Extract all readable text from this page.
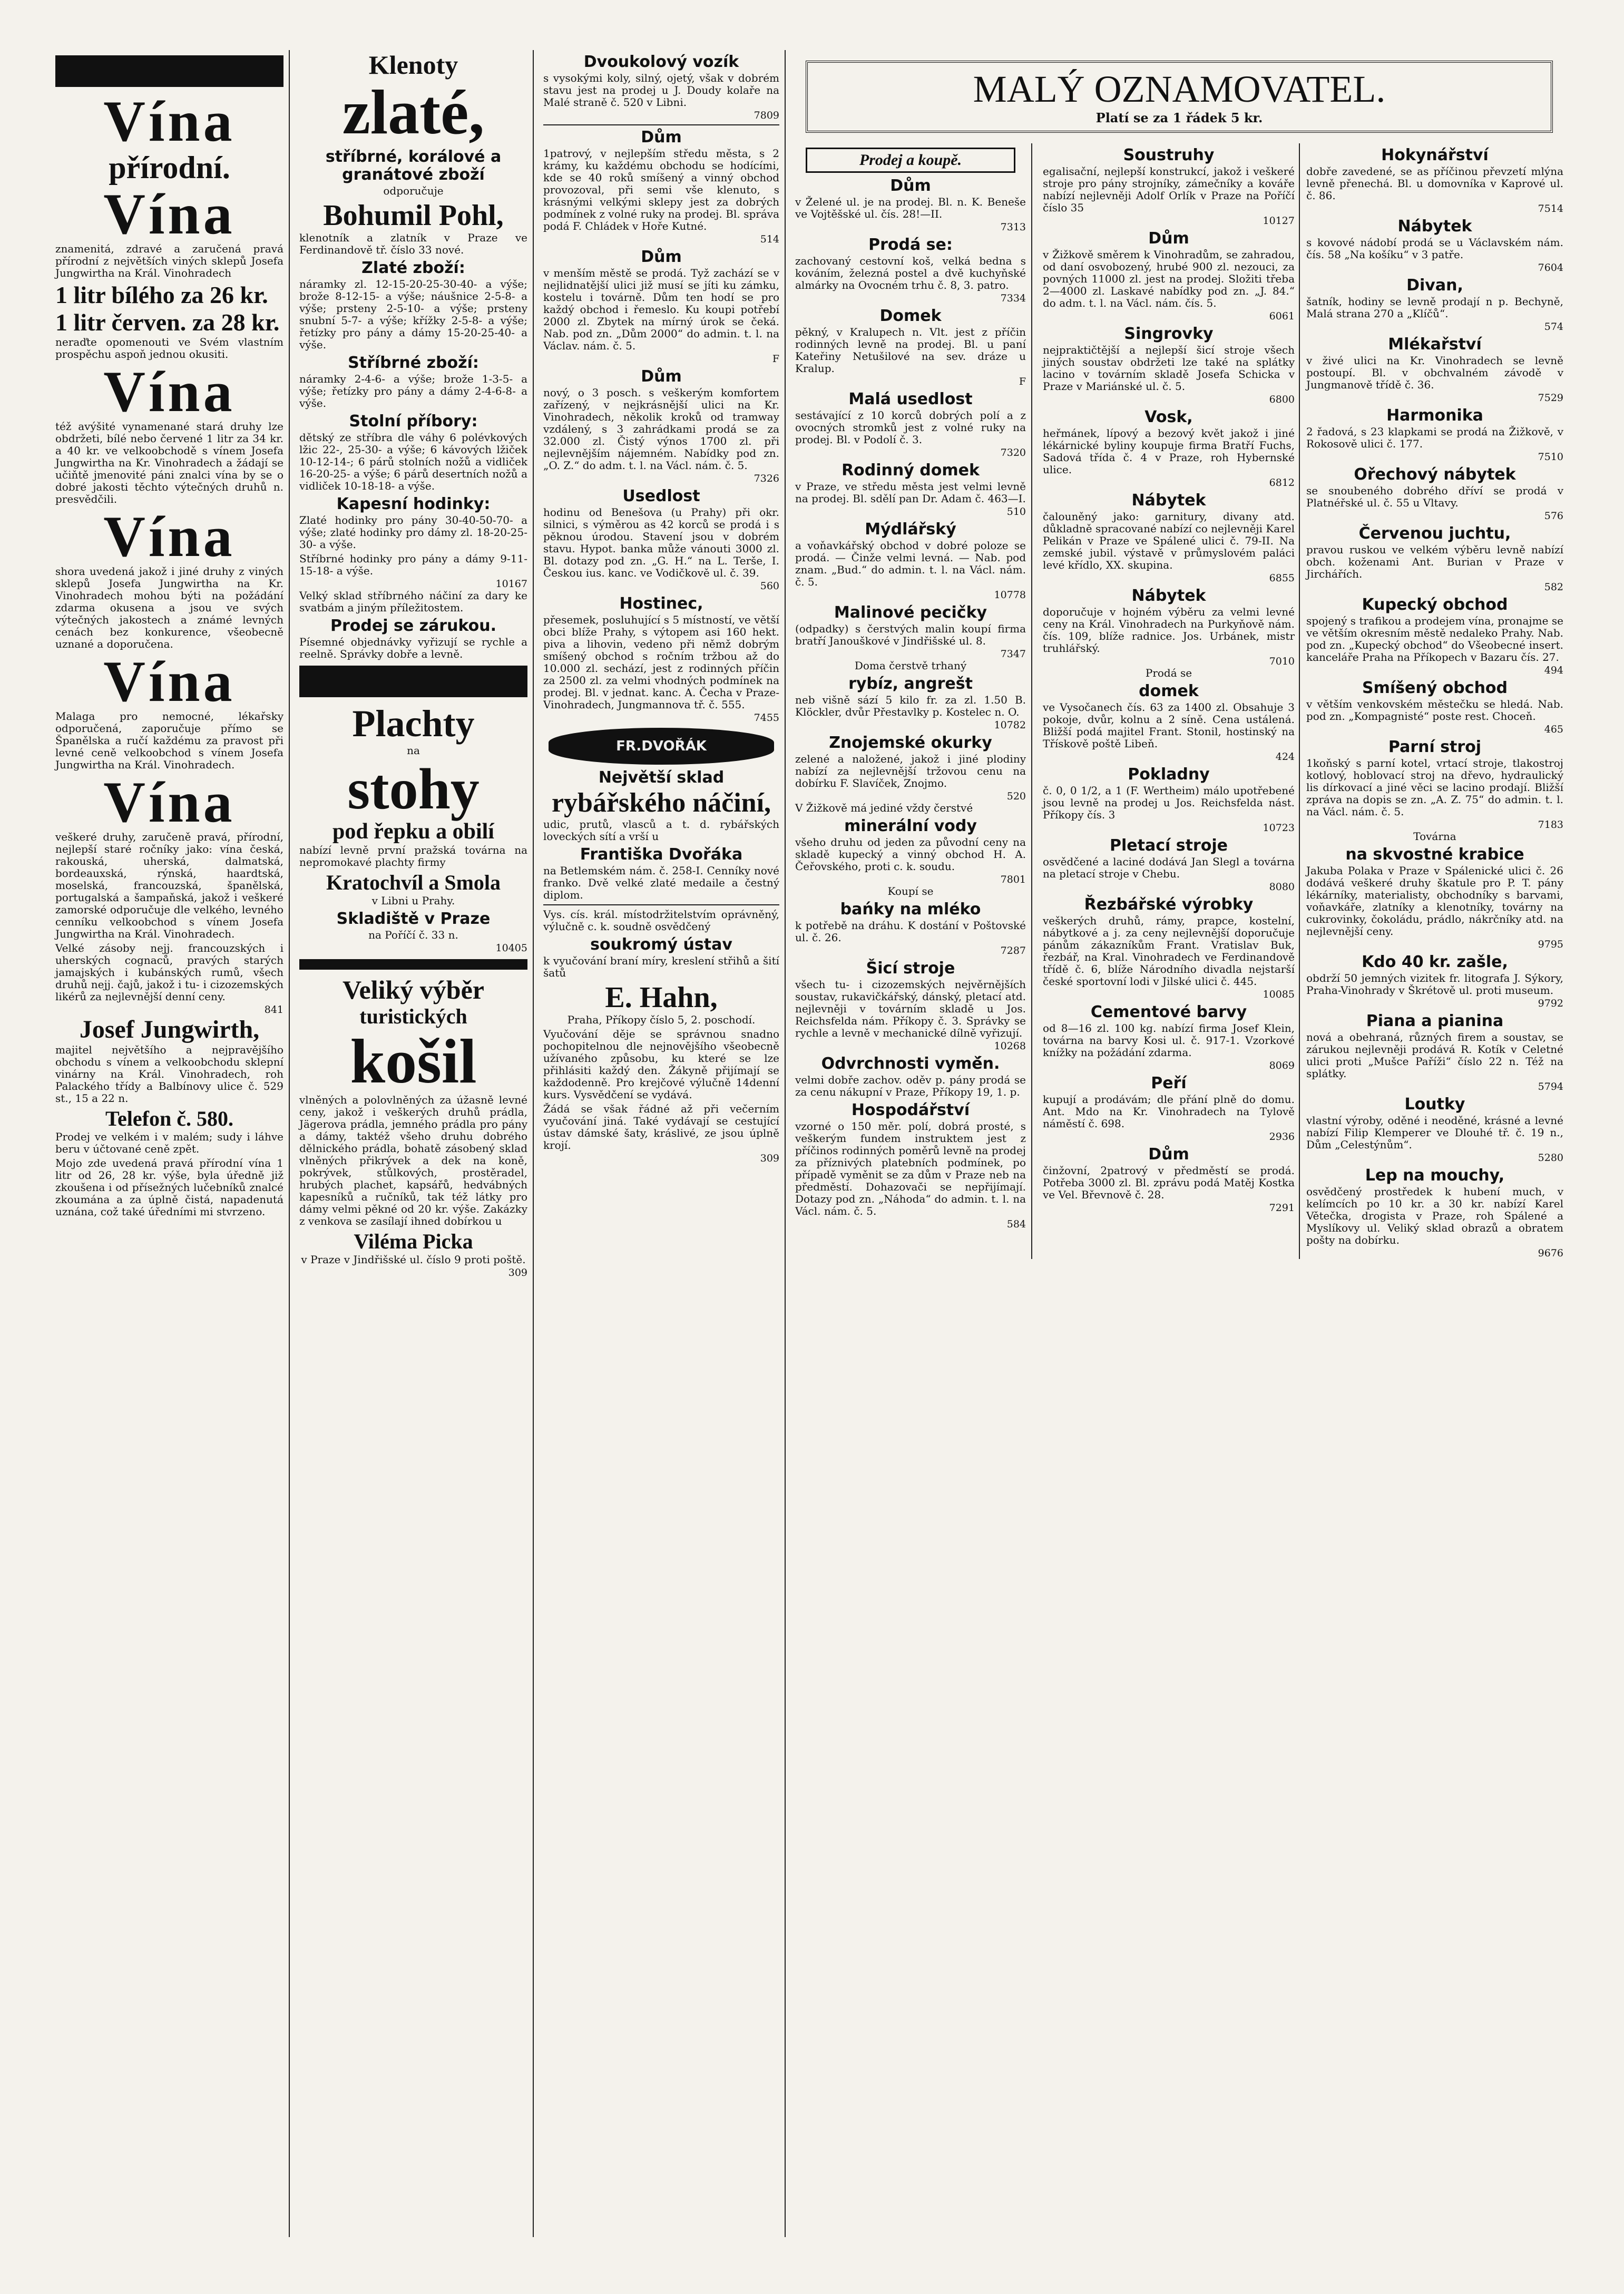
Vína
přírodní.
Vína

znamenitá, zdravé a zaručená pravá přírodní z největších viných sklepů Josefa Jungwirtha na Král. Vinohradech

1 litr bílého za 26 kr.
1 litr červen. za 28 kr.

neraďte opomenouti ve Svém vlastním prospěchu aspoň jednou okusiti.

Vína

též avýšité vynamenané stará druhy lze obdržeti, bílé nebo červené 1 litr za 34 kr. a 40 kr. ve velkoobchodě s vínem Josefa Jungwirtha na Kr. Vinohradech a žádají se učiňtě jmenovité páni znalci vína by se o dobré jakosti těchto výtečných druhů n. presvědčili.

Vína

shora uvedená jakož i jiné druhy z viných sklepů Josefa Jungwirtha na Kr. Vinohradech mohou býti na požádání zdarma okusena a jsou ve svých výtečných jakostech a známé levných cenách bez konkurence, všeobecně uznané a doporučena.

Vína

Malaga pro nemocné, lékařsky odporučená, zaporučuje přímo se Španělska a ručí každému za pravost při levné ceně velkoobchod s vínem Josefa Jungwirtha na Král. Vinohradech.

Vína

veškeré druhy, zaručeně pravá, přírodní, nejlepší staré ročníky jako: vína česká, rakouská, uherská, dalmatská, bordeauxská, rýnská, haardtská, moselská, francouzská, španělská, portugalská a šampaňská, jakož i veškeré zamorské odporučuje dle velkého, levného cenníku velkoobchod s vínem Josefa Jungwirtha na Král. Vinohradech.

Velké zásoby nejj. francouzských i uherských cognaců, pravých starých jamajských i kubánských rumů, všech druhů nejj. čajů, jakož i tu- i cizozemských likérů za nejlevnější denní ceny.

841
Josef Jungwirth,

majitel největšího a nejpravějšího obchodu s vínem a velkoobchodu sklepní vinárny na Král. Vinohradech, roh Palackého třídy a Balbínovy ulice č. 529 st., 15 a 22 n.

Telefon č. 580.

Prodej ve velkém i v malém; sudy i láhve beru v účtované ceně zpět.

Mojo zde uvedená pravá přírodní vína 1 litr od 26, 28 kr. výše, byla úředně již zkoušena i od přísežných lučebníků znalcé zkoumána a za úplně čistá, napadenutá uznána, což také úředními mi stvrzeno.

Klenoty
zlaté,
stříbrné, korálové a granátové zboží
odporučuje
Bohumil Pohl,

klenotník a zlatník v Praze ve Ferdinandově tř. číslo 33 nové.

Zlaté zboží:

náramky zl. 12-15-20-25-30-40- a výše; brože 8-12-15- a výše; náušnice 2-5-8- a výše; prsteny 2-5-10- a výše; prsteny snubní 5-7- a výše; křížky 2-5-8- a výše; řetízky pro pány a dámy 15-20-25-40- a výše.

Stříbrné zboží:

náramky 2-4-6- a výše; brože 1-3-5- a výše; řetízky pro pány a dámy 2-4-6-8- a výše.

Stolní příbory:

dětský ze stříbra dle váhy 6 polévkových lžic 22-, 25-30- a výše; 6 kávových lžiček 10-12-14-; 6 párů stolních nožů a vidliček 16-20-25- a výše; 6 párů desertních nožů a vidliček 10-18-18- a výše.

Kapesní hodinky:

Zlaté hodinky pro pány 30-40-50-70- a výše; zlaté hodinky pro dámy zl. 18-20-25-30- a výše.

Stříbrné hodinky pro pány a dámy 9-11-15-18- a výše.

10167

Velký sklad stříbrného náčiní za dary ke svatbám a jiným příležitostem.

Prodej se zárukou.

Písemné objednávky vyřizují se rychle a reelně. Správky dobře a levně.

Plachty
na
stohy
pod řepku a obilí

nabízí levně první pražská továrna na nepromokavé plachty firmy

Kratochvíl a Smola

v Libni u Prahy.

Skladiště v Praze

na Poříčí č. 33 n.

10405
Veliký výběr
turistických
košil

vlněných a polovlněných za úžasně levné ceny, jakož i veškerých druhů prádla, Jägerova prádla, jemného prádla pro pány a dámy, taktéž všeho druhu dobrého dělnického prádla, bohatě zásobený sklad vlněných přikrývek a dek na koně, pokrývek, stůlkových, prostěradel, hrubých plachet, kapsářů, hedvábných kapesníků a ručníků, tak též látky pro dámy velmi pěkné od 20 kr. výše. Zakázky z venkova se zasílají ihned dobírkou u

Viléma Picka

v Praze v Jindřišské ul. číslo 9 proti poště.

309
Dvoukolový vozík

s vysokými koly, silný, ojetý, však v dobrém stavu jest na prodej u J. Doudy kolaře na Malé straně č. 520 v Libni.

7809
Dům

1patrový, v nejlepším středu města, s 2 krámy, ku každému obchodu se hodícími, kde se 40 roků smíšený a vinný obchod provozoval, při semi vše klenuto, s krásnými velkými sklepy jest za dobrých podmínek z volné ruky na prodej. Bl. správa podá F. Chládek v Hoře Kutné.

514
Dům

v menším městě se prodá. Tyž zachází se v nejlidnatější ulici již musí se jíti ku zámku, kostelu i továrně. Dům ten hodí se pro každý obchod i řemeslo. Ku koupi potřebí 2000 zl. Zbytek na mírný úrok se čeká. Nab. pod zn. „Dům 2000“ do admin. t. l. na Václav. nám. č. 5.

F
Dům

nový, o 3 posch. s veškerým komfortem zařízený, v nejkrásnější ulici na Kr. Vinohradech, několik kroků od tramway vzdálený, s 3 zahrádkami prodá se za 32.000 zl. Čistý výnos 1700 zl. při nejlevnějším nájemném. Nabídky pod zn. „O. Z.“ do adm. t. l. na Václ. nám. č. 5.

7326
Usedlost

hodinu od Benešova (u Prahy) při okr. silnici, s výměrou as 42 korců se prodá i s pěknou úrodou. Stavení jsou v dobrém stavu. Hypot. banka může vánouti 3000 zl. Bl. dotazy pod zn. „G. H.“ na L. Terše, I. Českou ius. kanc. ve Vodičkově ul. č. 39.

560
Hostinec,

přesemek, posluhující s 5 místností, ve větší obci blíže Prahy, s výtopem asi 160 hekt. piva a lihovin, vedeno při němž dobrým smíšený obchod s ročním tržbou až do 10.000 zl. sechází, jest z rodinných příčin za 2500 zl. za velmi vhodných podmínek na prodej. Bl. v jednat. kanc. A. Čecha v Praze-Vinohradech, Jungmannova tř. č. 555.

7455
FR.DVOŘÁK
Největší sklad
rybářského náčiní,

udic, prutů, vlasců a t. d. rybářských loveckých sítí a vrší u

Františka Dvořáka

na Betlemském nám. č. 258-I. Cenníky nové franko. Dvě velké zlaté medaile a čestný diplom.

Vys. cís. král. místodržitelstvím oprávněný, výlučně c. k. soudně osvědčený

soukromý ústav

k vyučování braní míry, kreslení střihů a šití šatů

E. Hahn,

Praha, Příkopy číslo 5, 2. poschodí.

Vyučování děje se správnou snadno pochopitelnou dle nejnovějšího všeobecně užívaného způsobu, ku které se lze přihlásiti každý den. Žákyně přijímají se každodenně. Pro krejčové výlučně 14denní kurs. Vysvědčení se vydává.

Žádá se však řádné až při večerním vyučování jiná. Také vydávají se cestující ústav dámské šaty, kráslivé, ze jsou úplně krojí.

309
MALÝ OZNAMOVATEL.
Platí se za 1 řádek 5 kr.
Prodej a koupě.
Dům

v Želené ul. je na prodej. Bl. n. K. Beneše ve Vojtěšské ul. čís. 28!—II.

7313
Prodá se:

zachovaný cestovní koš, velká bedna s kováním, železná postel a dvě kuchyňské almárky na Ovocném trhu č. 8, 3. patro.

7334
Domek

pěkný, v Kralupech n. Vlt. jest z příčin rodinných levně na prodej. Bl. u paní Kateřiny Netušilové na sev. dráze u Kralup.

F
Malá usedlost

sestávající z 10 korců dobrých polí a z ovocných stromků jest z volné ruky na prodej. Bl. v Podolí č. 3.

7320
Rodinný domek

v Praze, ve středu města jest velmi levně na prodej. Bl. sdělí pan Dr. Adam č. 463—I.

510
Mýdlářský

a voňavkářský obchod v dobré poloze se prodá. — Činže velmi levná. — Nab. pod znam. „Bud.“ do admin. t. l. na Václ. nám. č. 5.

10778
Malinové pecičky

(odpadky) s čerstvých malin koupí firma bratří Janouškové v Jindřišské ul. 8.

7347
Doma čerstvě trhaný
rybíz, angrešt

neb višně sází 5 kilo fr. za zl. 1.50 B. Klöckler, dvůr Přestavlky p. Kostelec n. O.

10782
Znojemské okurky

zelené a naložené, jakož i jiné plodiny nabízí za nejlevnější tržovou cenu na dobírku F. Slavíček, Znojmo.

520

V Žižkově má jediné vždy čerstvé

minerální vody

všeho druhu od jeden za původní ceny na skladě kupecký a vinný obchod H. A. Čeřovského, proti c. k. soudu.

7801
Koupí se
bańky na mléko

k potřebě na dráhu. K dostání v Poštovské ul. č. 26.

7287
Šicí stroje

všech tu- i cizozemských nejvěrnějších soustav, rukavičkářský, dánský, pletací atd. nejlevněji v továrním skladě u Jos. Reichsfelda nám. Příkopy č. 3. Správky se rychle a levně v mechanické dílně vyřizují.

10268
Odvrchnosti vymě́n.

velmi dobře zachov. oděv p. pány prodá se za cenu nákupní v Praze, Příkopy 19, 1. p.

Hospodářství

vzorné o 150 měr. polí, dobrá prosté, s veškerým fundem instruktem jest z příčinos rodinných poměrů levně na prodej za příznivých platebních podmínek, po případě vyměnit se za dům v Praze neb na předměstí. Dohazovači se nepřijímají. Dotazy pod zn. „Náhoda“ do admin. t. l. na Václ. nám. č. 5.

584
Soustruhy

egalisační, nejlepší konstrukcí, jakož i veškeré stroje pro pány strojníky, zámečníky a kováře nabízí nejlevněji Adolf Orlík v Praze na Poříčí číslo 35

10127
Dům

v Žižkově směrem k Vinohradům, se zahradou, od daní osvobozený, hrubé 900 zl. nezouci, za povných 11000 zl. jest na prodej. Složiti třeba 2—4000 zl. Laskavé nabídky pod zn. „J. 84.“ do adm. t. l. na Václ. nám. čís. 5.

6061
Singrovky

nejpraktičtější a nejlepší šicí stroje všech jiných soustav obdržeti lze také na splátky lacino v továrním skladě Josefa Schicka v Praze v Mariánské ul. č. 5.

6800
Vosk,

heřmánek, lípový a bezový květ jakož i jiné lékárnické byliny koupuje firma Bratří Fuchs, Sadová třída č. 4 v Praze, roh Hybernské ulice.

6812
Nábytek

čalouněný jako: garnitury, divany atd. důkladně spracované nabízí co nejlevněji Karel Pelikán v Praze ve Spálené ulici č. 79-II. Na zemské jubil. výstavě v průmyslovém paláci levé křídlo, XX. skupina.

6855
Nábytek

doporučuje v hojném výběru za velmi levné ceny na Král. Vinohradech na Purkyňově nám. čís. 109, blíže radnice. Jos. Urbánek, mistr truhlářský.

7010
Prodá se
domek

ve Vysočanech čís. 63 za 1400 zl. Obsahuje 3 pokoje, dvůr, kolnu a 2 síně. Cena ustálená. Bližší podá majitel Frant. Stonil, hostinský na Třískově poště Libeň.

424
Pokladny

č. 0, 0 1/2, a 1 (F. Wertheim) málo upotřebené jsou levně na prodej u Jos. Reichsfelda nást. Příkopy čís. 3

10723
Pletací stroje

osvědčené a laciné dodává Jan Slegl a továrna na pletací stroje v Chebu.

8080
Řezbářské výrobky

veškerých druhů, rámy, prapce, kostelní, nábytkové a j. za ceny nejlevnější doporučuje pánům zákazníkům Frant. Vratislav Buk, řezbář, na Kral. Vinohradech ve Ferdinandově třídě č. 6, blíže Národního divadla nejstarší české sportovní lodi v Jilské ulici č. 445.

10085
Cementové barvy

od 8—16 zl. 100 kg. nabízí firma Josef Klein, továrna na barvy Kosi ul. č. 917-1. Vzorkové knížky na požádání zdarma.

8069
Peří

kupují a prodávám; dle přání plně do domu. Ant. Mdo na Kr. Vinohradech na Tylově náměstí č. 698.

2936
Dům

činžovní, 2patrový v předměstí se prodá. Potřeba 3000 zl. Bl. zprávu podá Matěj Kostka ve Vel. Břevnově č. 28.

7291
Hokynářství

dobře zavedené, se as příčinou převzetí mlýna levně přenechá. Bl. u domovníka v Kaprové ul. č. 86.

7514
Nábytek

s kovové nádobí prodá se u Václavském nám. čís. 58 „Na košíku“ v 3 patře.

7604
Divan,

šatník, hodiny se levně prodají n p. Bechyně, Malá strana 270 a „Klíčů“.

574
Mlékařství

v živé ulici na Kr. Vinohradech se levně postoupí. Bl. v obchvalném závodě v Jungmanově třídě č. 36.

7529
Harmonika

2 řadová, s 23 klapkami se prodá na Žižkově, v Rokosově ulici č. 177.

7510
Ořechový nábytek

se snoubeného dobrého dříví se prodá v Platnéřské ul. č. 55 u Vltavy.

576
Červenou juchtu,

pravou ruskou ve velkém výběru levně nabízí obch. koženami Ant. Burian v Praze v Jirchářích.

582
Kupecký obchod

spojený s trafikou a prodejem vína, pronajme se ve větším okresním městě nedaleko Prahy. Nab. pod zn. „Kupecký obchod“ do Všeobecné insert. kanceláře Praha na Příkopech v Bazaru čís. 27.

494
Smíšený obchod

v větším venkovském městečku se hledá. Nab. pod zn. „Kompagnisté“ poste rest. Choceň.

465
Parní stroj

1koňský s parní kotel, vrtací stroje, tlakostroj kotlový, hoblovací stroj na dřevo, hydraulický lis dírkovací a jiné věci se lacino prodají. Bližší zpráva na dopis se zn. „A. Z. 75“ do admin. t. l. na Václ. nám. č. 5.

7183
Továrna
na skvostné krabice

Jakuba Polaka v Praze v Spálenické ulici č. 26 dodává veškeré druhy škatule pro P. T. pány lékárníky, materialisty, obchodníky s barvami, voňavkáře, zlatníky a klenotníky, továrny na cukrovinky, čokoládu, prádlo, nákrčníky atd. na nejlevnější ceny.

9795
Kdo 40 kr. zašle,

obdrží 50 jemných vizitek fr. litografa J. Sýkory, Praha-Vinohrady v Škrétově ul. proti museum.

9792
Piana a pianina

nová a obehraná, různých firem a soustav, se zárukou nejlevněji prodává R. Kotík v Celetné ulici proti „Mušce Paříži“ číslo 22 n. Též na splátky.

5794
Loutky

vlastní výroby, oděné i neoděné, krásné a levné nabízí Filip Klemperer ve Dlouhé tř. č. 19 n., Dům „Celestýnům“.

5280
Lep na mouchy,

osvědčený prostředek k hubení much, v kelímcích po 10 kr. a 30 kr. nabízí Karel Větečka, drogista v Praze, roh Spálené a Myslíkovy ul. Veliký sklad obrazů a obratem pošty na dobírku.

9676
